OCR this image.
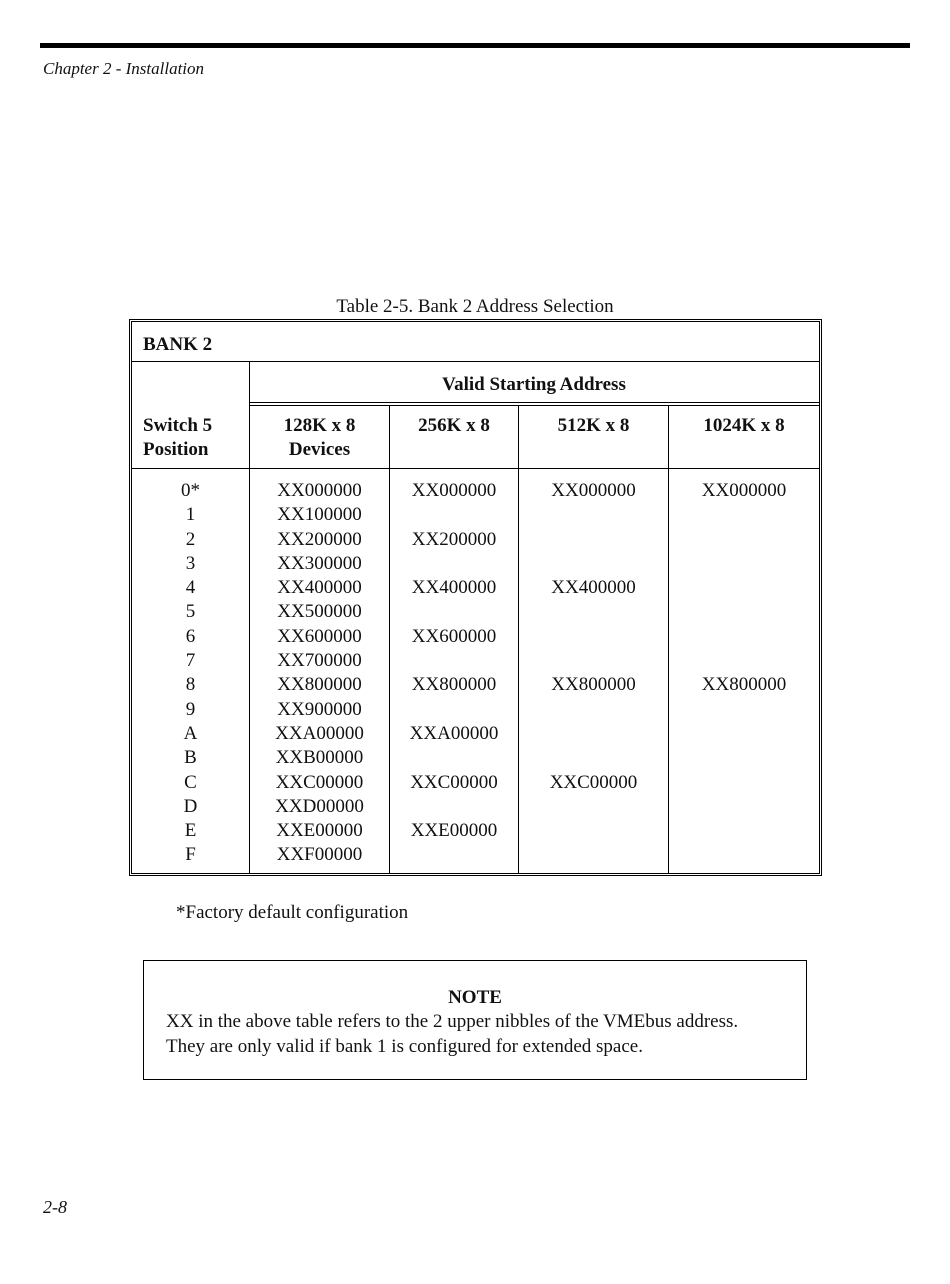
Chapter 2 - Installation
Table 2-5. Bank 2 Address Selection
BANK 2
Valid Starting Address
Switch 5
Position
128K x 8
Devices
256K x 8	512K x 8	1024K x 8
0*
1
2
3
4
5
6
7
8
9
A
B
C
D
E
F
XX000000
XX100000
XX200000
XX300000
XX400000
XX500000
XX600000
XX700000
XX800000
XX900000
XXA00000
XXB00000
XXC00000
XXD00000
XXE00000
XXF00000
XX000000
XX200000
XX400000
XX600000
XX800000
XXA00000
XXC00000
XXE00000
XX000000
XX400000
XX800000
XXC00000
XX000000
XX800000
*Factory default configuration
NOTE
XX in the above table refers to the 2 upper nibbles of the VMEbus address.
They are only valid if bank 1 is configured for extended space.
2-8
